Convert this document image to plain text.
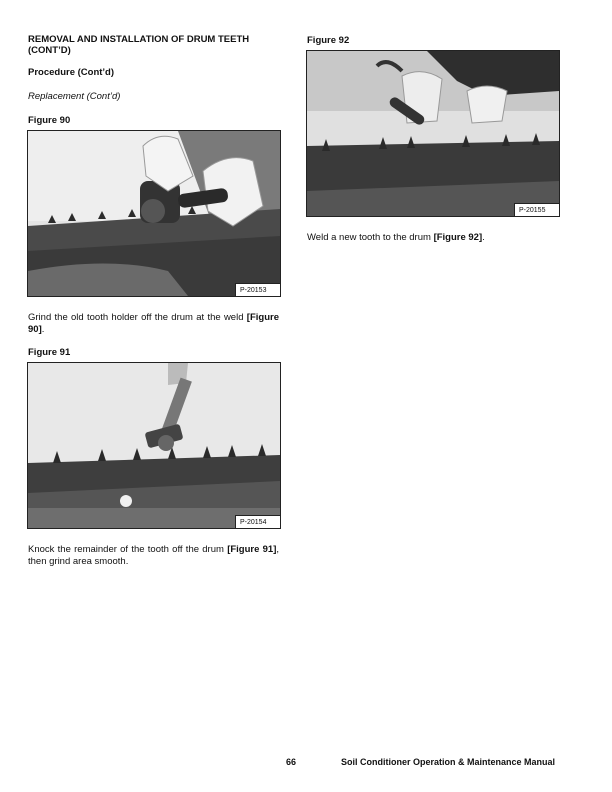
REMOVAL AND INSTALLATION OF DRUM TEETH
(CONT’D)
Procedure (Cont’d)
Replacement (Cont’d)
Figure 90
P-20153
Grind the old tooth holder off the drum at the weld [Figure 90].
Figure 91
P-20154
Knock the remainder of the tooth off the drum [Figure 91], then grind area smooth.
Figure 92
P-20155
Weld a new tooth to the drum [Figure 92].
66	Soil Conditioner Operation & Maintenance Manual
